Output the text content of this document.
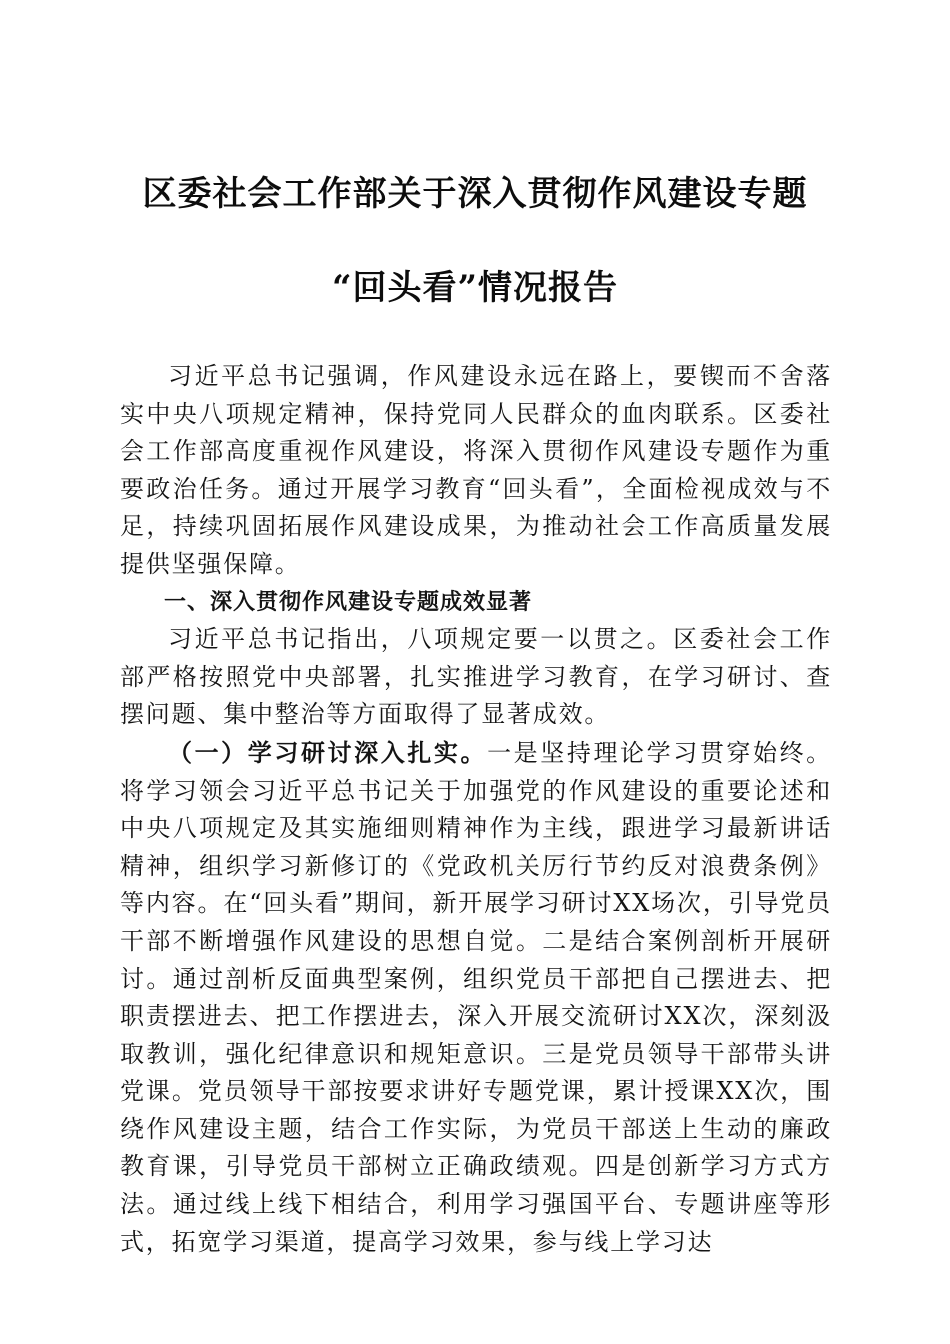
区委社会工作部关于深入贯彻作风建设专题
“回头看”情况报告

习近平总书记强调，作风建设永远在路上，要锲而不舍落实中央八项规定精神，保持党同人民群众的血肉联系。区委社会工作部高度重视作风建设，将深入贯彻作风建设专题作为重要政治任务。通过开展学习教育“回头看”，全面检视成效与不足，持续巩固拓展作风建设成果，为推动社会工作高质量发展提供坚强保障。

一、深入贯彻作风建设专题成效显著

习近平总书记指出，八项规定要一以贯之。区委社会工作部严格按照党中央部署，扎实推进学习教育，在学习研讨、查摆问题、集中整治等方面取得了显著成效。

（一）学习研讨深入扎实。一是坚持理论学习贯穿始终。将学习领会习近平总书记关于加强党的作风建设的重要论述和中央八项规定及其实施细则精神作为主线，跟进学习最新讲话精神，组织学习新修订的《党政机关厉行节约反对浪费条例》等内容。在“回头看”期间，新开展学习研讨XX场次，引导党员干部不断增强作风建设的思想自觉。二是结合案例剖析开展研讨。通过剖析反面典型案例，组织党员干部把自己摆进去、把职责摆进去、把工作摆进去，深入开展交流研讨XX次，深刻汲取教训，强化纪律意识和规矩意识。三是党员领导干部带头讲党课。党员领导干部按要求讲好专题党课，累计授课XX次，围绕作风建设主题，结合工作实际，为党员干部送上生动的廉政教育课，引导党员干部树立正确政绩观。四是创新学习方式方法。通过线上线下相结合，利用学习强国平台、专题讲座等形式，拓宽学习渠道，提高学习效果，参与线上学习达
